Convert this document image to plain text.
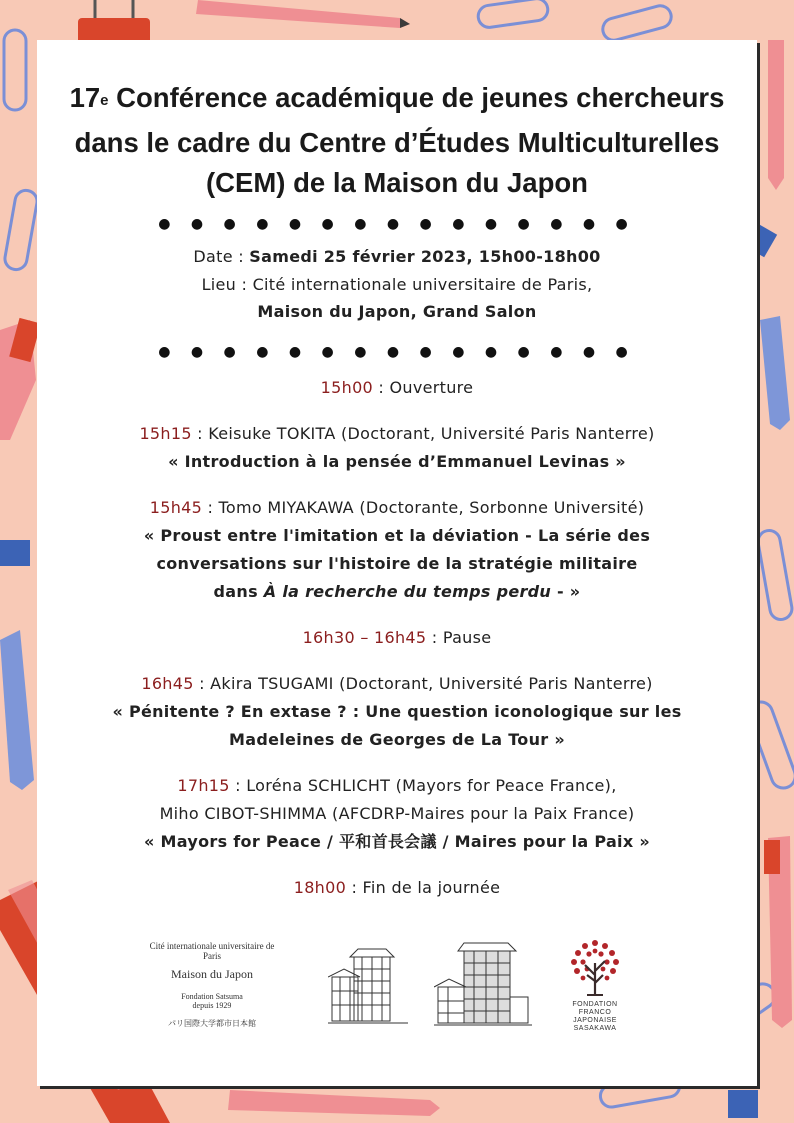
17e Conférence académique de jeunes chercheurs
dans le cadre du Centre d’Études Multiculturelles
(CEM) de la Maison du Japon
● ● ● ● ● ● ● ● ● ● ● ● ● ● ●
Date : Samedi 25 février 2023, 15h00-18h00
Lieu : Cité internationale universitaire de Paris,
Maison du Japon, Grand Salon
● ● ● ● ● ● ● ● ● ● ● ● ● ● ●
15h00 : Ouverture
15h15 : Keisuke TOKITA (Doctorant, Université Paris Nanterre)
« Introduction à la pensée d’Emmanuel Levinas »
15h45 : Tomo MIYAKAWA (Doctorante, Sorbonne Université)
« Proust entre l'imitation et la déviation - La série des
conversations sur l'histoire de la stratégie militaire
dans À la recherche du temps perdu - »
16h30 – 16h45 : Pause
16h45 : Akira TSUGAMI (Doctorant, Université Paris Nanterre)
« Pénitente ? En extase ? : Une question iconologique sur les
Madeleines de Georges de La Tour »
17h15 : Loréna SCHLICHT (Mayors for Peace France),
Miho CIBOT-SHIMMA (AFCDRP-Maires pour la Paix France)
« Mayors for Peace / 平和首長会議 / Maires pour la Paix »
18h00 : Fin de la journée
Cité internationale universitaire de Paris
Maison du Japon
Fondation Satsuma
depuis 1929
パリ国際大学都市日本館
FONDATION
FRANCO
JAPONAISE
SASAKAWA
